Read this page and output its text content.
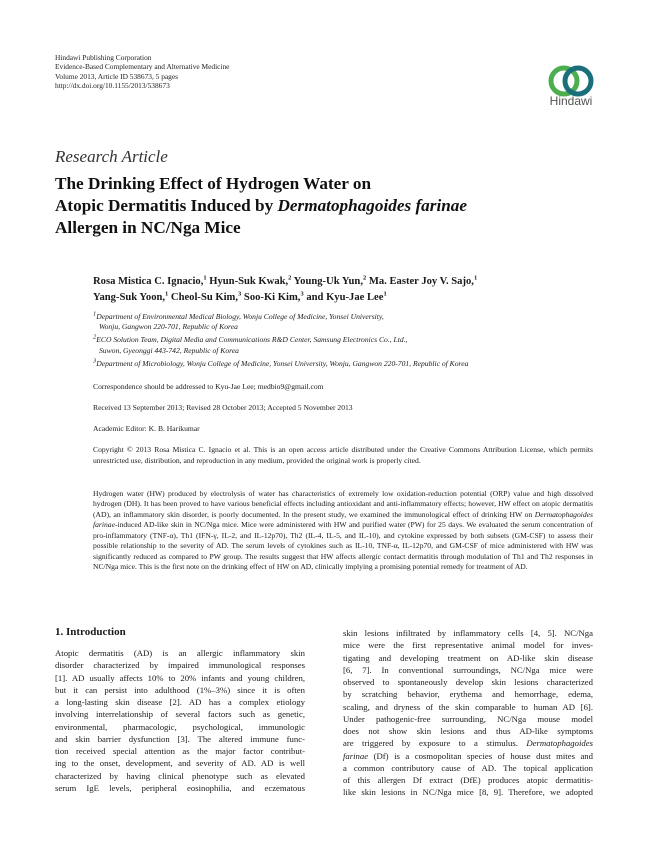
Hindawi Publishing Corporation
Evidence-Based Complementary and Alternative Medicine
Volume 2013, Article ID 538673, 5 pages
http://dx.doi.org/10.1155/2013/538673
Hindawi
Research Article
The Drinking Effect of Hydrogen Water on
Atopic Dermatitis Induced by Dermatophagoides farinae
Allergen in NC/Nga Mice
Rosa Mistica C. Ignacio,$^1$ Hyun-Suk Kwak,$^2$ Young-Uk Yun,$^2$ Ma. Easter Joy V. Sajo,$^1$
Yang-Suk Yoon,$^1$ Cheol-Su Kim,$^3$ Soo-Ki Kim,$^3$ and Kyu-Jae Lee$^1$
$^1$Department of Environmental Medical Biology, Wonju College of Medicine, Yonsei University,
Wonju, Gangwon 220-701, Republic of Korea
$^2$ECO Solution Team, Digital Media and Communications R&D Center, Samsung Electronics Co., Ltd.,
Suwon, Gyeonggi 443-742, Republic of Korea
$^3$Department of Microbiology, Wonju College of Medicine, Yonsei University, Wonju, Gangwon 220-701, Republic of Korea
Correspondence should be addressed to Kyu-Jae Lee; medbio9@gmail.com
Received 13 September 2013; Revised 28 October 2013; Accepted 5 November 2013
Academic Editor: K. B. Harikumar
Copyright © 2013 Rosa Mistica C. Ignacio et al. This is an open access article distributed under the Creative Commons Attribution License, which permits unrestricted use, distribution, and reproduction in any medium, provided the original work is properly cited.

Hydrogen water (HW) produced by electrolysis of water has characteristics of extremely low oxidation-reduction potential (ORP) value and high dissolved hydrogen (DH). It has been proved to have various beneficial effects including antioxidant and anti-inflammatory effects; however, HW effect on atopic dermatitis (AD), an inflammatory skin disorder, is poorly documented. In the present study, we examined the immunological effect of drinking HW on Dermatophagoides farinae-induced AD-like skin in NC/Nga mice. Mice were administered with HW and purified water (PW) for 25 days. We evaluated the serum concentration of pro-inflammatory (TNF-α), Th1 (IFN-γ, IL-2, and IL-12p70), Th2 (IL-4, IL-5, and IL-10), and cytokine expressed by both subsets (GM-CSF) to assess their possible relationship to the severity of AD. The serum levels of cytokines such as IL-10, TNF-α, IL-12p70, and GM-CSF of mice administered with HW was significantly reduced as compared to PW group. The results suggest that HW affects allergic contact dermatitis through modulation of Th1 and Th2 responses in NC/Nga mice. This is the first note on the drinking effect of HW on AD, clinically implying a promising potential remedy for treatment of AD.

1. Introduction
Atopic dermatitis (AD) is an allergic inflammatory skin
disorder characterized by impaired immunological responses
[1]. AD usually affects 10% to 20% infants and young children,
but it can persist into adulthood (1%–3%) since it is often
a long-lasting skin disease [2]. AD has a complex etiology
involving interrelationship of several factors such as genetic,
environmental, pharmacologic, psychological, immunologic
and skin barrier dysfunction [3]. The altered immune func-
tion received special attention as the major factor contribut-
ing to the onset, development, and severity of AD. AD is well
characterized by having clinical phenotype such as elevated
serum IgE levels, peripheral eosinophilia, and eczematous
skin lesions infiltrated by inflammatory cells [4, 5]. NC/Nga
mice were the first representative animal model for inves-
tigating and developing treatment on AD-like skin disease
[6, 7]. In conventional surroundings, NC/Nga mice were
observed to spontaneously develop skin lesions characterized
by scratching behavior, erythema and hemorrhage, edema,
scaling, and dryness of the skin comparable to human AD [6].
Under pathogenic-free surrounding, NC/Nga mouse model
does not show skin lesions and thus AD-like symptoms
are triggered by exposure to a stimulus. Dermatophagoides
farinae (Df) is a cosmopolitan species of house dust mites and
a common contributory cause of AD. The topical application
of this allergen Df extract (DfE) produces atopic dermatitis-
like skin lesions in NC/Nga mice [8, 9]. Therefore, we adopted
